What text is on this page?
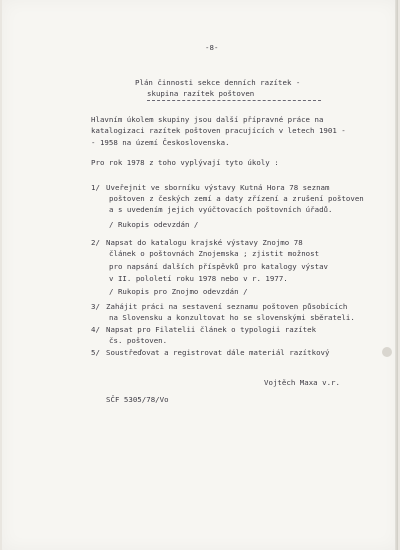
-8-

Plán činnosti sekce denních razítek -

skupina razítek poštoven

Hlavním úkolem skupiny jsou další přípravné práce na

katalogizaci razítek poštoven pracujících v letech 1901 -

- 1958 na území Československa.

Pro rok 1978 z toho vyplývají tyto úkoly :

1/ Uveřejnit ve sborníku výstavy Kutná Hora 78 seznam

poštoven z českých zemí a daty zřízení a zrušení poštoven

a s uvedením jejich vyúčtovacích poštovních úřadů.

/ Rukopis odevzdán /

2/ Napsat do katalogu krajské výstavy Znojmo 78

článek o poštovnách Znojemska ; zjistit možnost

pro napsání dalších příspěvků pro katalogy výstav

v II. pololetí roku 1978 nebo v r. 1977.

/ Rukopis pro Znojmo odevzdán /

3/ Zahájit práci na sestavení seznamu poštoven působících

na Slovensku a konzultovat ho se slovenskými sběrateli.

4/ Napsat pro Filatelii článek o typologii razítek

čs. poštoven.

5/ Soustřeďovat a registrovat dále materiál razítkový

Vojtěch Maxa v.r.

SČF 5305/78/Vo
